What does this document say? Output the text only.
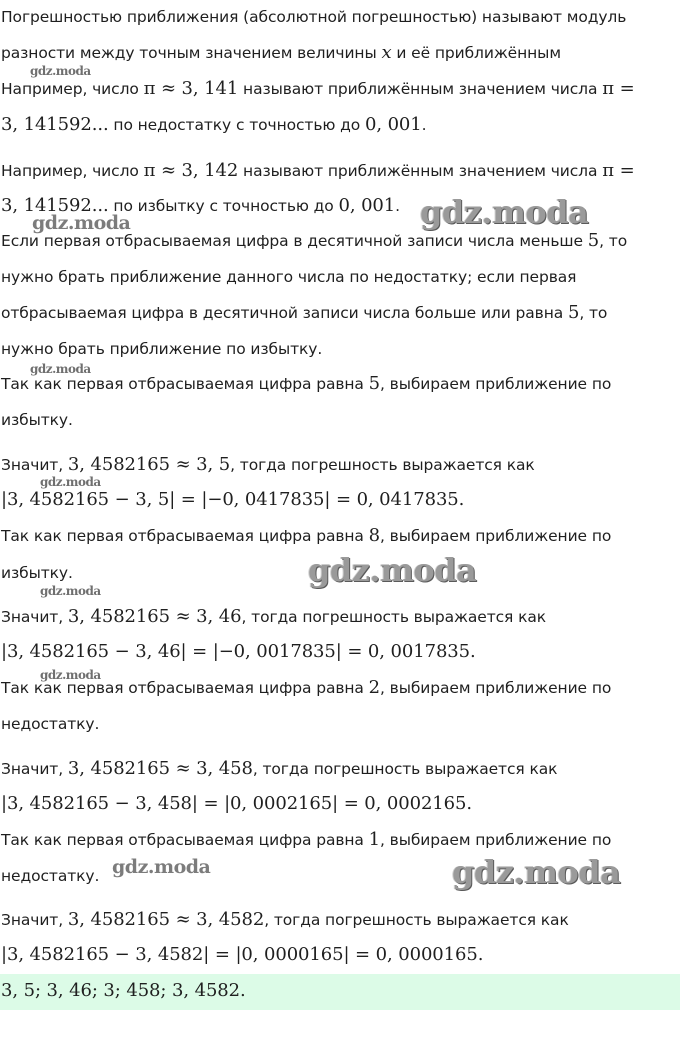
Погрешностью приближения (абсолютной погрешностью) называют модуль
разности между точным значением величины x и её приближённым
Например, число π ≈ 3, 141 называют приближённым значением числа π =
3, 141592... по недостатку с точностью до 0, 001.
Например, число π ≈ 3, 142 называют приближённым значением числа π =
3, 141592... по избытку с точностью до 0, 001.
Если первая отбрасываемая цифра в десятичной записи числа меньше 5, то
нужно брать приближение данного числа по недостатку; если первая
отбрасываемая цифра в десятичной записи числа больше или равна 5, то
нужно брать приближение по избытку.
Так как первая отбрасываемая цифра равна 5, выбираем приближение по
избытку.
Значит, 3, 4582165 ≈ 3, 5, тогда погрешность выражается как
|3, 4582165 − 3, 5| = |−0, 0417835| = 0, 0417835.
Так как первая отбрасываемая цифра равна 8, выбираем приближение по
избытку.
Значит, 3, 4582165 ≈ 3, 46, тогда погрешность выражается как
|3, 4582165 − 3, 46| = |−0, 0017835| = 0, 0017835.
Так как первая отбрасываемая цифра равна 2, выбираем приближение по
недостатку.
Значит, 3, 4582165 ≈ 3, 458, тогда погрешность выражается как
|3, 4582165 − 3, 458| = |0, 0002165| = 0, 0002165.
Так как первая отбрасываемая цифра равна 1, выбираем приближение по
недостатку.
Значит, 3, 4582165 ≈ 3, 4582, тогда погрешность выражается как
|3, 4582165 − 3, 4582| = |0, 0000165| = 0, 0000165.
3, 5; 3, 46; 3; 458; 3, 4582.
gdz.moda
gdz.moda
gdz.moda
gdz.moda
gdz.moda
gdz.moda
gdz.moda
gdz.moda
gdz.moda	gdz.moda
